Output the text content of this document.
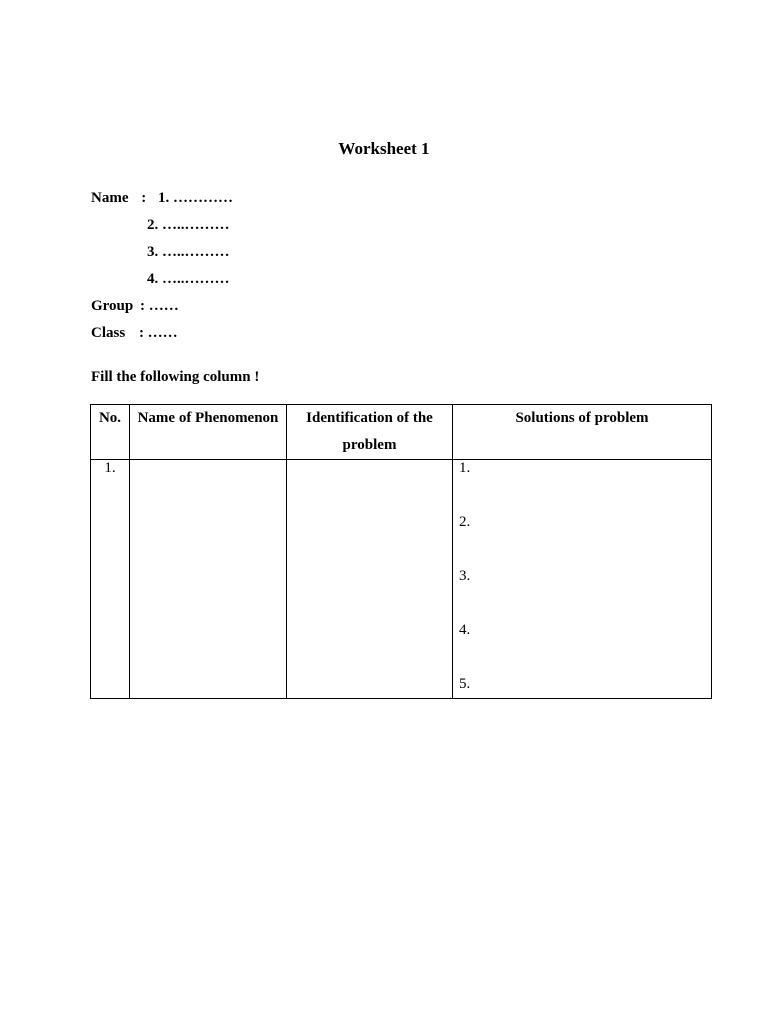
Worksheet 1
Name : 1. …………
2. …..………
3. …..………
4. …..………
Group : ……
Class : ……
Fill the following column !
No.	Name of Phenomenon	Identification of the problem	Solutions of problem

1.			1.
2.
3.
4.
5.
